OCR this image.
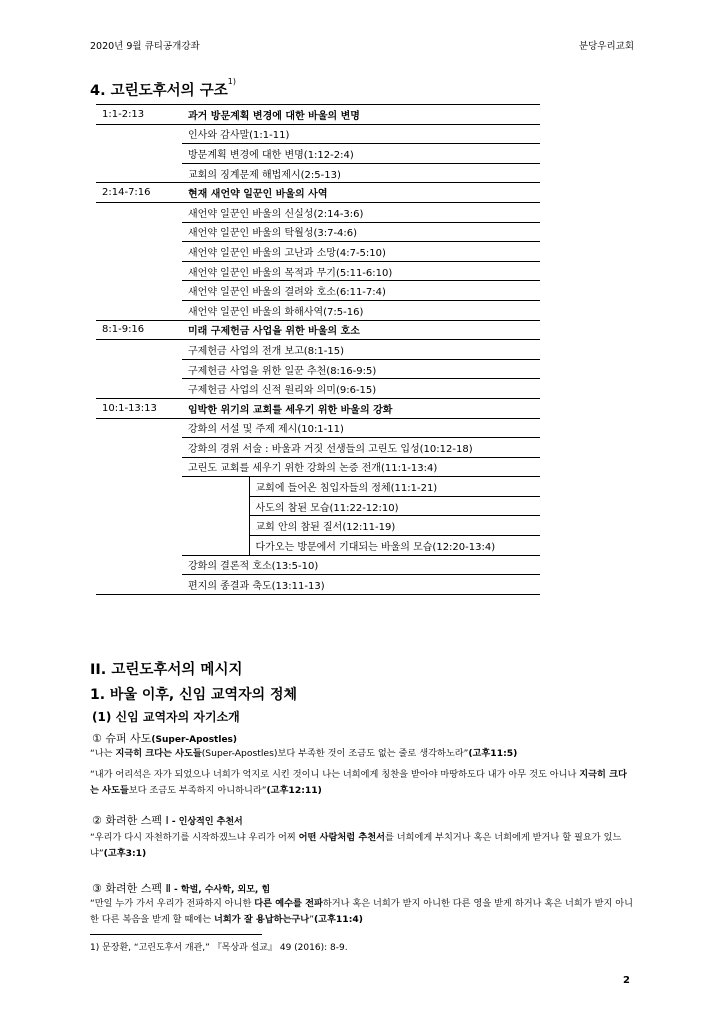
2020년 9월 큐티공개강좌	분당우리교회
4. 고린도후서의 구조$^{1)}$
1:1-2:13	과거 방문계획 변경에 대한 바울의 변명	
	인사와 감사말(1:1-11)	
	방문계획 변경에 대한 변명(1:12-2:4)	
	교회의 징계문제 해법제시(2:5-13)	
2:14-7:16	현재 새언약 일꾼인 바울의 사역	
	새언약 일꾼인 바울의 신실성(2:14-3:6)	
	새언약 일꾼인 바울의 탁월성(3:7-4:6)	
	새언약 일꾼인 바울의 고난과 소망(4:7-5:10)	
	새언약 일꾼인 바울의 목적과 무기(5:11-6:10)	
	새언약 일꾼인 바울의 결려와 호소(6:11-7:4)	
	새언약 일꾼인 바울의 화해사역(7:5-16)	
8:1-9:16	미래 구제헌금 사업을 위한 바울의 호소	
	구제헌금 사업의 전개 보고(8:1-15)	
	구제헌금 사업을 위한 일꾼 추천(8:16-9:5)	
	구제헌금 사업의 신적 원리와 의미(9:6-15)	
10:1-13:13	임박한 위기의 교회를 세우기 위한 바울의 강화	
	강화의 서설 및 주제 제시(10:1-11)	
	강화의 경위 서술 : 바울과 거짓 선생들의 고린도 입성(10:12-18)	
	고린도 교회를 세우기 위한 강화의 논증 전개(11:1-13:4)	
		교회에 들어온 침입자들의 정체(11:1-21)
		사도의 참된 모습(11:22-12:10)
		교회 안의 참된 질서(12:11-19)
		다가오는 방문에서 기대되는 바울의 모습(12:20-13:4)
	강화의 결론적 호소(13:5-10)	
	편지의 종결과 축도(13:11-13)	
II. 고린도후서의 메시지
1. 바울 이후, 신임 교역자의 정체
(1) 신임 교역자의 자기소개
① 슈퍼 사도(Super-Apostles)
“나는 지극히 크다는 사도들(Super-Apostles)보다 부족한 것이 조금도 없는 줄로 생각하노라”(고후11:5)
“내가 어리석은 자가 되었으나 너희가 억지로 시킨 것이니 나는 너희에게 칭찬을 받아야 마땅하도다 내가 아무 것도 아니나 지극히 크다는 사도들보다 조금도 부족하지 아니하니라”(고후12:11)
② 화려한 스펙 Ⅰ - 인상적인 추천서
“우리가 다시 자천하기를 시작하겠느냐 우리가 어찌 어떤 사람처럼 추천서를 너희에게 부치거나 혹은 너희에게 받거나 할 필요가 있느냐”(고후3:1)
③ 화려한 스펙 Ⅱ - 학벌, 수사학, 외모, 힘
“만일 누가 가서 우리가 전파하지 아니한 다른 예수를 전파하거나 혹은 너희가 받지 아니한 다른 영을 받게 하거나 혹은 너희가 받지 아니한 다른 복음을 받게 할 때에는 너희가 잘 용납하는구나”(고후11:4)
1) 문장환, “고린도후서 개관,” 『목상과 설교』 49 (2016): 8-9.
2
